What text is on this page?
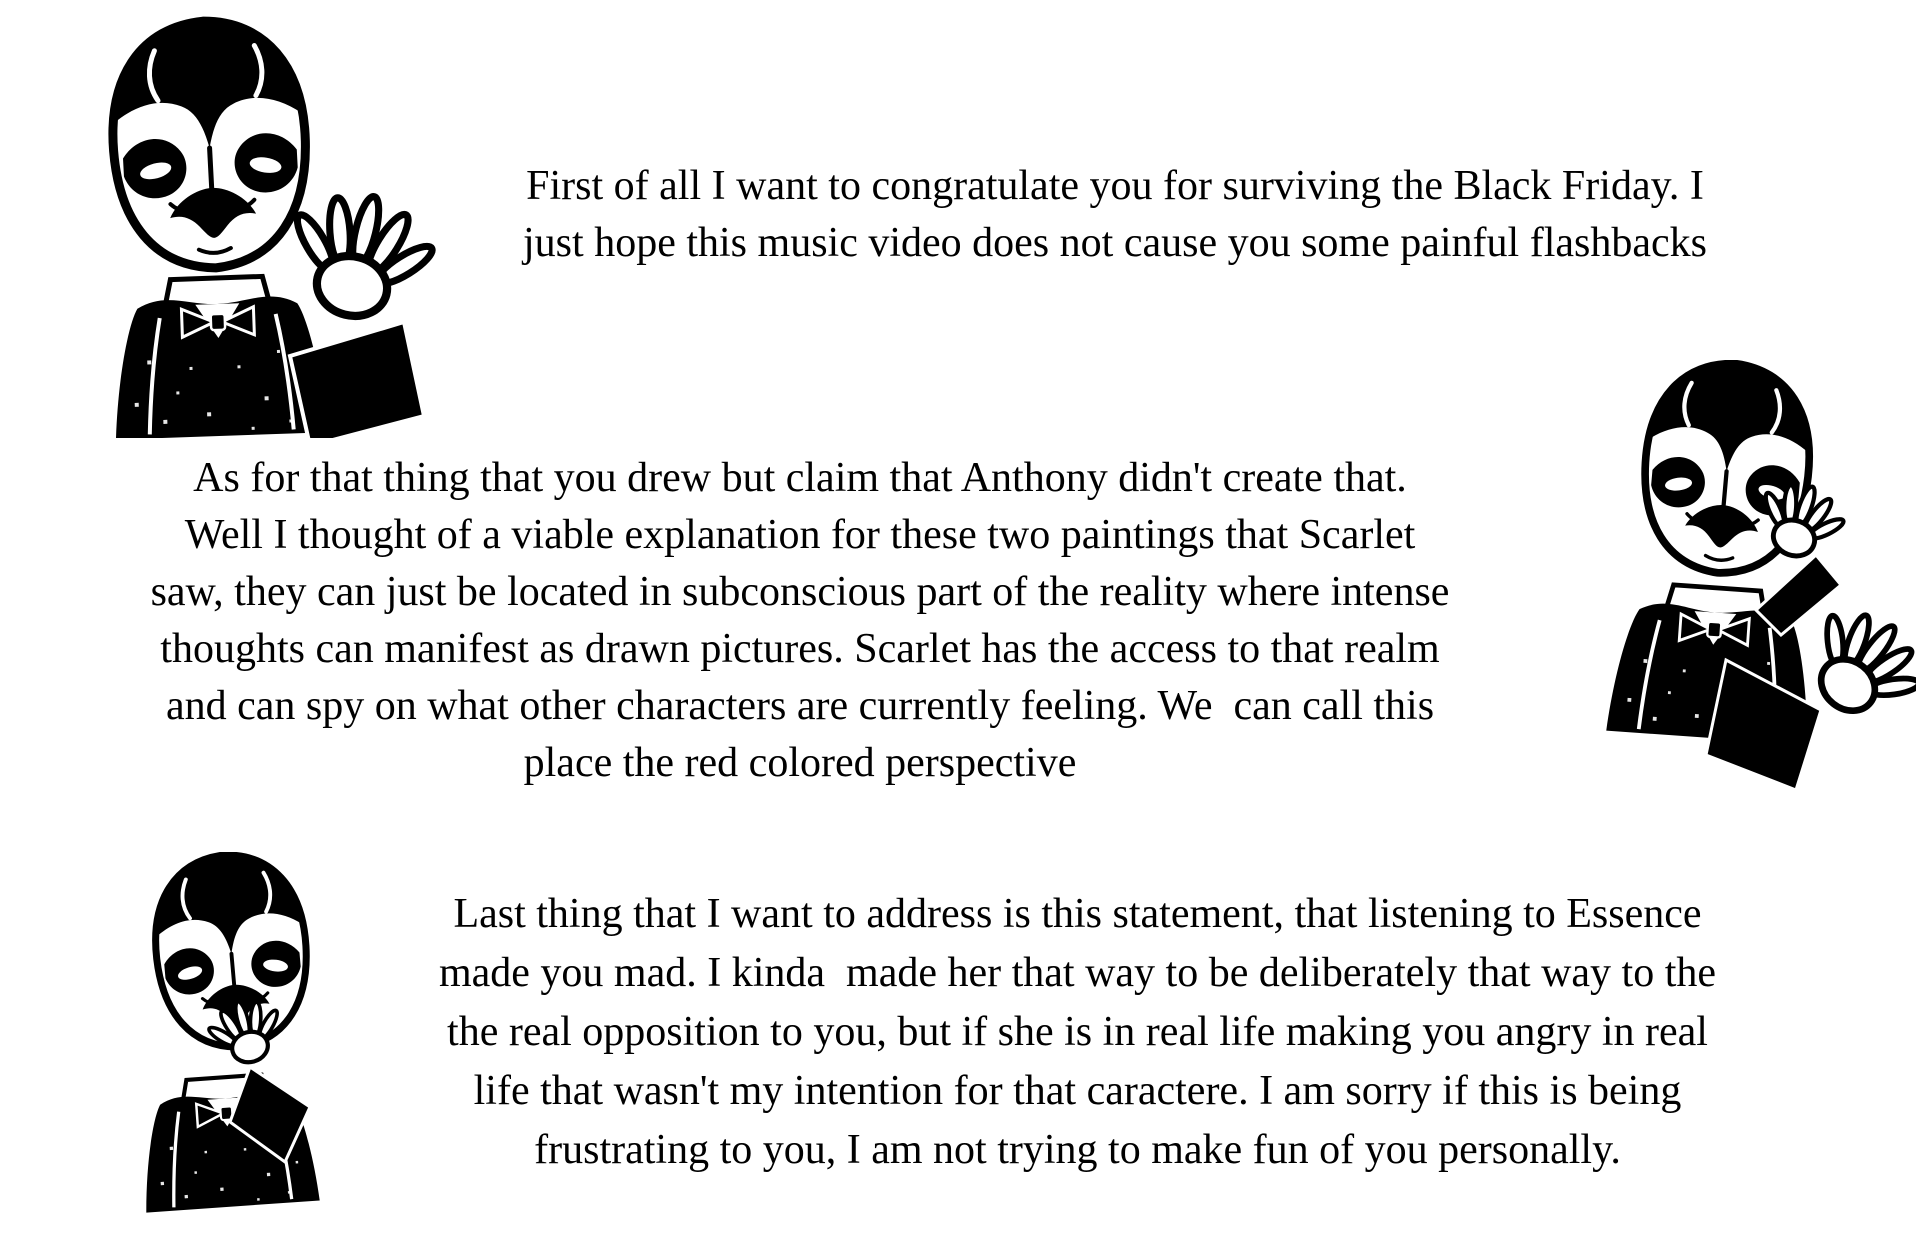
First of all I want to congratulate you for surviving the Black Friday. I
just hope this music video does not cause you some painful flashbacks
As for that thing that you drew but claim that Anthony didn't create that.
Well I thought of a viable explanation for these two paintings that Scarlet
saw, they can just be located in subconscious part of the reality where intense
thoughts can manifest as drawn pictures. Scarlet has the access to that realm
and can spy on what other characters are currently feeling. We  can call this
place the red colored perspective
Last thing that I want to address is this statement, that listening to Essence
made you mad. I kinda  made her that way to be deliberately that way to the
the real opposition to you, but if she is in real life making you angry in real
life that wasn't my intention for that caractere. I am sorry if this is being
frustrating to you, I am not trying to make fun of you personally.
